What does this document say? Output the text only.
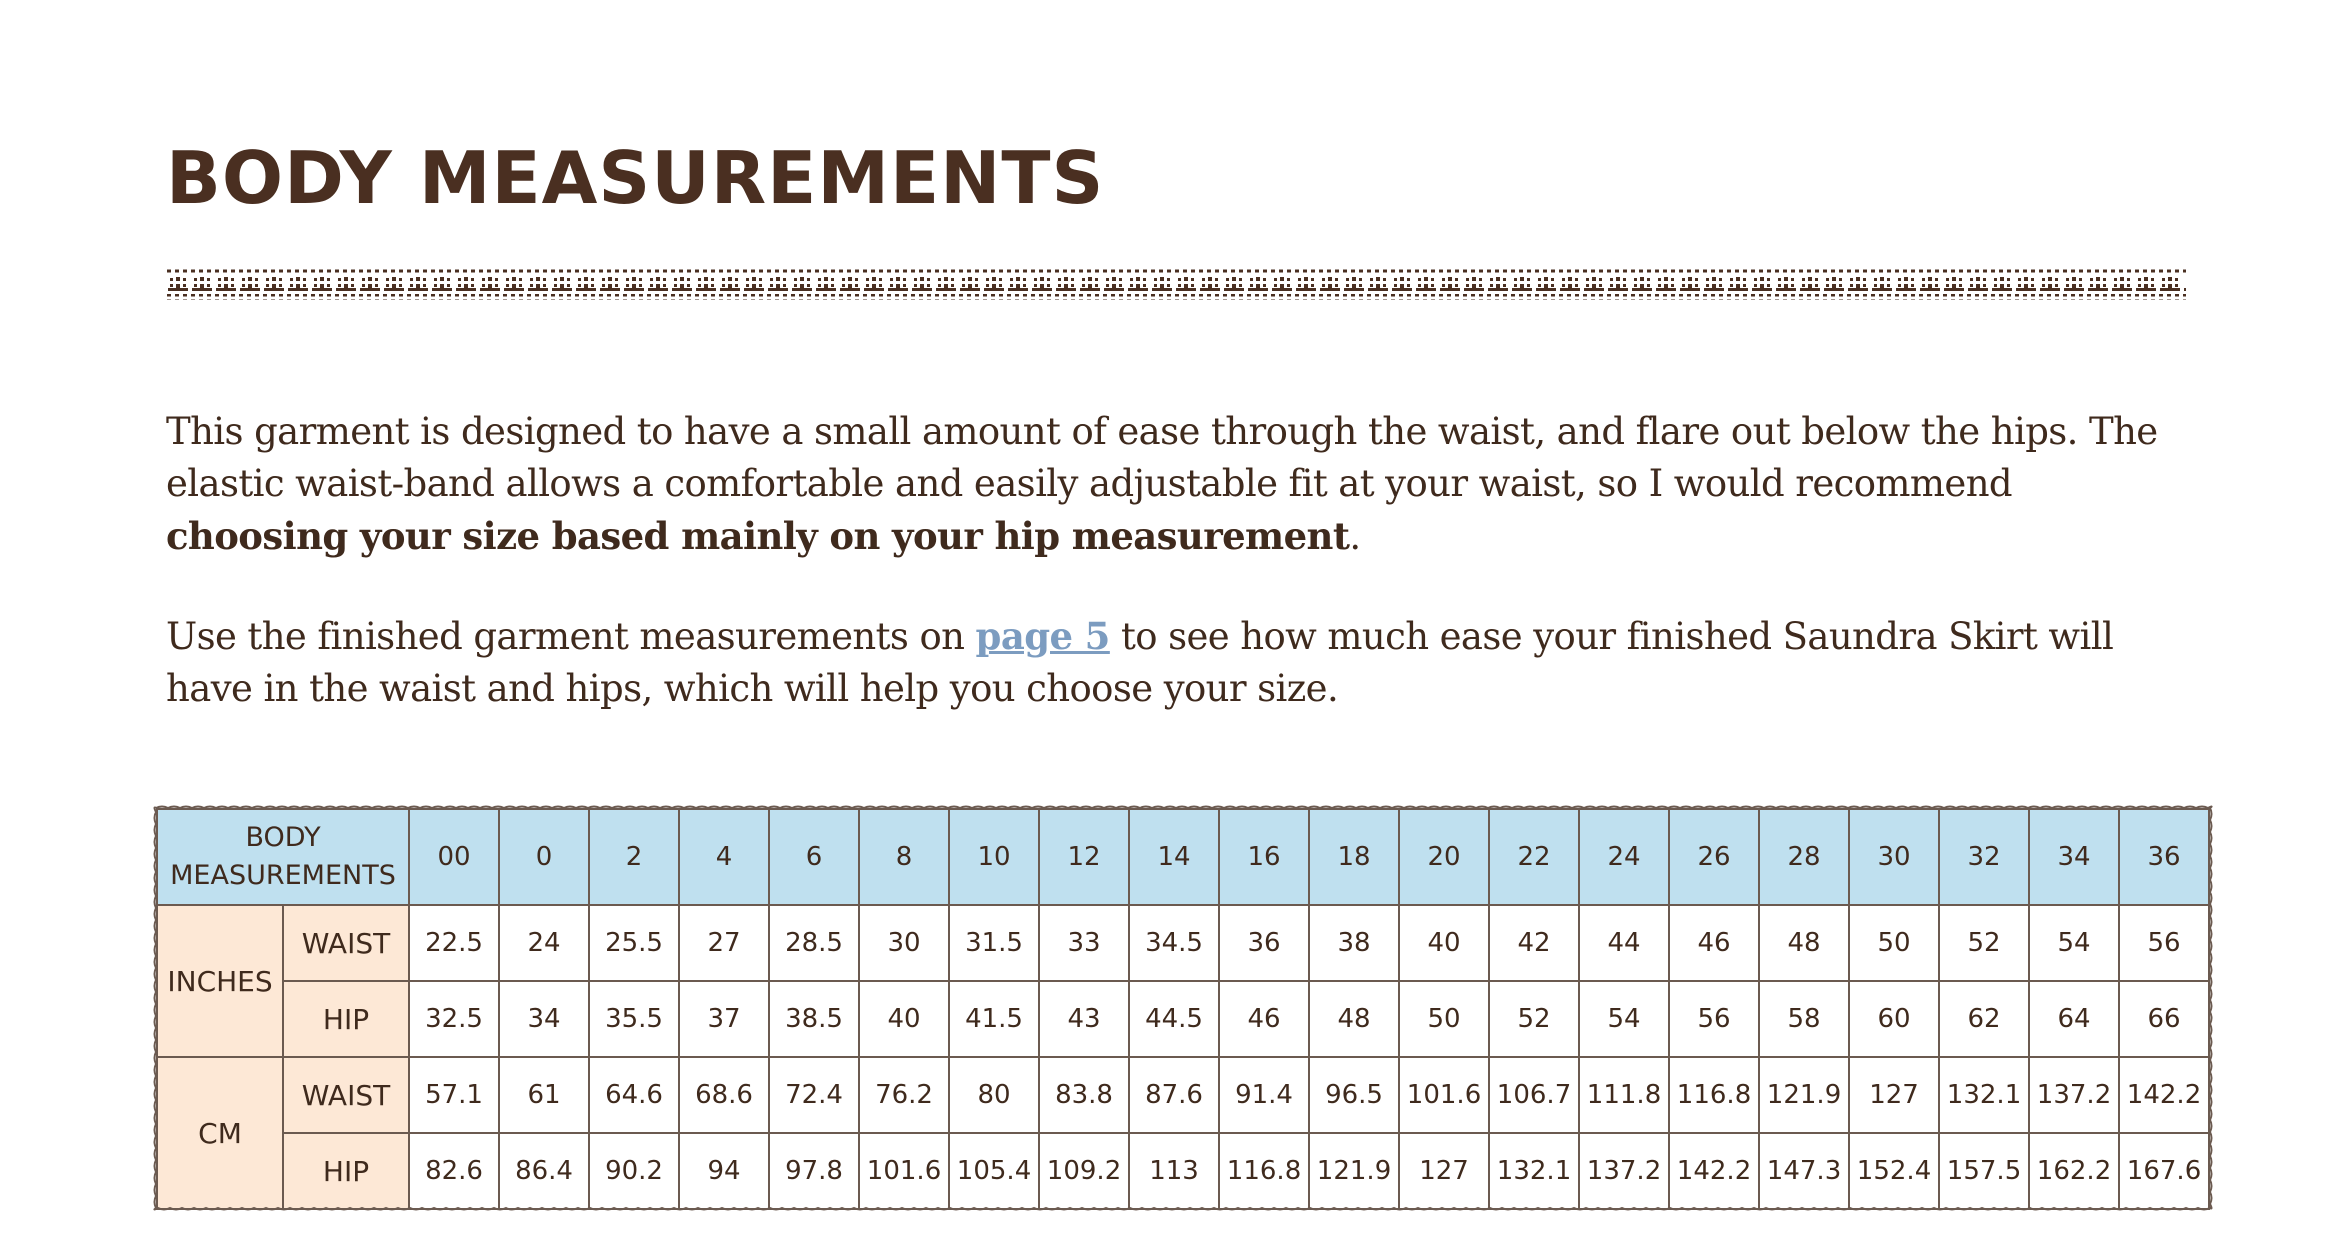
BODY MEASUREMENTS

This garment is designed to have a small amount of ease through the waist, and flare out below the hips. The elastic waist-band allows a comfortable and easily adjustable fit at your waist, so I would recommend choosing your size based mainly on your hip measurement.

Use the finished garment measurements on page 5 to see how much ease your finished Saundra Skirt will have in the waist and hips, which will help you choose your size.

BODY
MEASUREMENTS		00	0	2	4	6	8	10	12	14	16	18	20	22	24	26	28	30	32	34	36
INCHES	WAIST	22.5	24	25.5	27	28.5	30	31.5	33	34.5	36	38	40	42	44	46	48	50	52	54	56
	HIP	32.5	34	35.5	37	38.5	40	41.5	43	44.5	46	48	50	52	54	56	58	60	62	64	66
CM	WAIST	57.1	61	64.6	68.6	72.4	76.2	80	83.8	87.6	91.4	96.5	101.6	106.7	111.8	116.8	121.9	127	132.1	137.2	142.2
	HIP	82.6	86.4	90.2	94	97.8	101.6	105.4	109.2	113	116.8	121.9	127	132.1	137.2	142.2	147.3	152.4	157.5	162.2	167.6
